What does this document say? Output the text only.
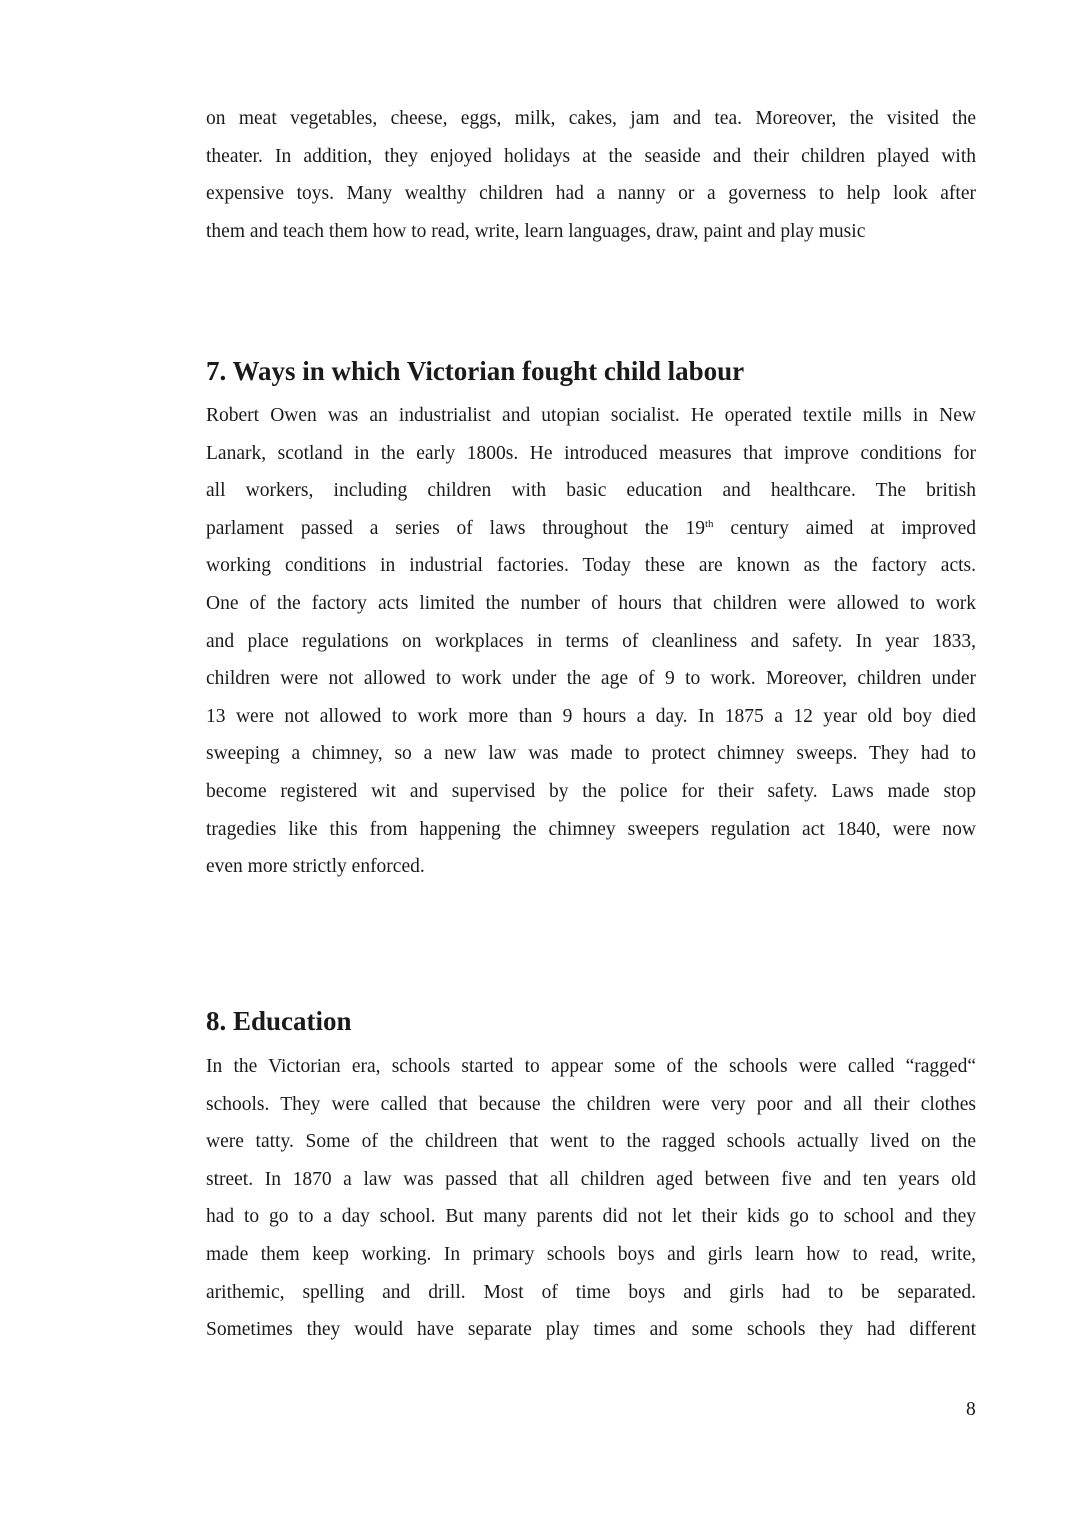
on meat vegetables, cheese, eggs, milk, cakes, jam and tea. Moreover, the visited the
theater. In addition, they enjoyed holidays at the seaside and their children played with
expensive toys. Many wealthy children had a nanny or a governess to help look after
them and teach them how to read, write, learn languages, draw, paint and play music
7. Ways in which Victorian fought child labour
Robert Owen was an industrialist and utopian socialist. He operated textile mills in New
Lanark, scotland in the early 1800s. He introduced measures that improve conditions for
all workers, including children with basic education and healthcare. The british
parlament passed a series of laws throughout the 19th century aimed at improved
working conditions in industrial factories. Today these are known as the factory acts.
One of the factory acts limited the number of hours that children were allowed to work
and place regulations on workplaces in terms of cleanliness and safety. In year 1833,
children were not allowed to work under the age of 9 to work. Moreover, children under
13 were not allowed to work more than 9 hours a day. In 1875 a 12 year old boy died
sweeping a chimney, so a new law was made to protect chimney sweeps. They had to
become registered wit and supervised by the police for their safety. Laws made stop
tragedies like this from happening the chimney sweepers regulation act 1840, were now
even more strictly enforced.
8. Education
In the Victorian era, schools started to appear some of the schools were called “ragged“
schools. They were called that because the children were very poor and all their clothes
were tatty. Some of the childreen that went to the ragged schools actually lived on the
street. In 1870 a law was passed that all children aged between five and ten years old
had to go to a day school. But many parents did not let their kids go to school and they
made them keep working. In primary schools boys and girls learn how to read, write,
arithemic, spelling and drill. Most of time boys and girls had to be separated.
Sometimes they would have separate play times and some schools they had different
8
